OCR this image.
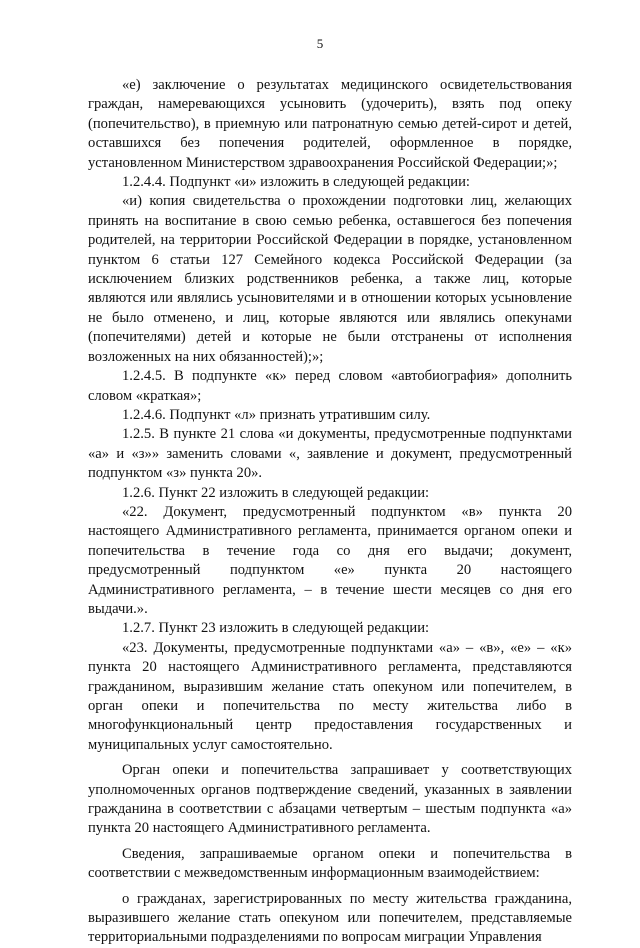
5

«е) заключение о результатах медицинского освидетельствования граждан, намеревающихся усыновить (удочерить), взять под опеку (попечительство), в приемную или патронатную семью детей-сирот и детей, оставшихся без попечения родителей, оформленное в порядке, установленном Министерством здравоохранения Российской Федерации;»;

1.2.4.4. Подпункт «и» изложить в следующей редакции:

«и) копия свидетельства о прохождении подготовки лиц, желающих принять на воспитание в свою семью ребенка, оставшегося без попечения родителей, на территории Российской Федерации в порядке, установленном пунктом 6 статьи 127 Семейного кодекса Российской Федерации (за исключением близких родственников ребенка, а также лиц, которые являются или являлись усыновителями и в отношении которых усыновление не было отменено, и лиц, которые являются или являлись опекунами (попечителями) детей и которые не были отстранены от исполнения возложенных на них обязанностей);»;

1.2.4.5. В подпункте «к» перед словом «автобиография» дополнить словом «краткая»;

1.2.4.6. Подпункт «л» признать утратившим силу.

1.2.5. В пункте 21 слова «и документы, предусмотренные подпунктами «а» и «з»» заменить словами «, заявление и документ, предусмотренный подпунктом «з» пункта 20».

1.2.6. Пункт 22 изложить в следующей редакции:

«22. Документ, предусмотренный подпунктом «в» пункта 20 настоящего Административного регламента, принимается органом опеки и попечительства в течение года со дня его выдачи; документ, предусмотренный подпунктом «е» пункта 20 настоящего Административного регламента, – в течение шести месяцев со дня его выдачи.».

1.2.7. Пункт 23 изложить в следующей редакции:

«23. Документы, предусмотренные подпунктами «а» – «в», «е» – «к» пункта 20 настоящего Административного регламента, представляются гражданином, выразившим желание стать опекуном или попечителем, в орган опеки и попечительства по месту жительства либо в многофункциональный центр предоставления государственных и муниципальных услуг самостоятельно.

Орган опеки и попечительства запрашивает у соответствующих уполномоченных органов подтверждение сведений, указанных в заявлении гражданина в соответствии с абзацами четвертым – шестым подпункта «а» пункта 20 настоящего Административного регламента.

Сведения, запрашиваемые органом опеки и попечительства в соответствии с межведомственным информационным взаимодействием:

о гражданах, зарегистрированных по месту жительства гражданина, выразившего желание стать опекуном или попечителем, представляемые территориальными подразделениями по вопросам миграции Управления
